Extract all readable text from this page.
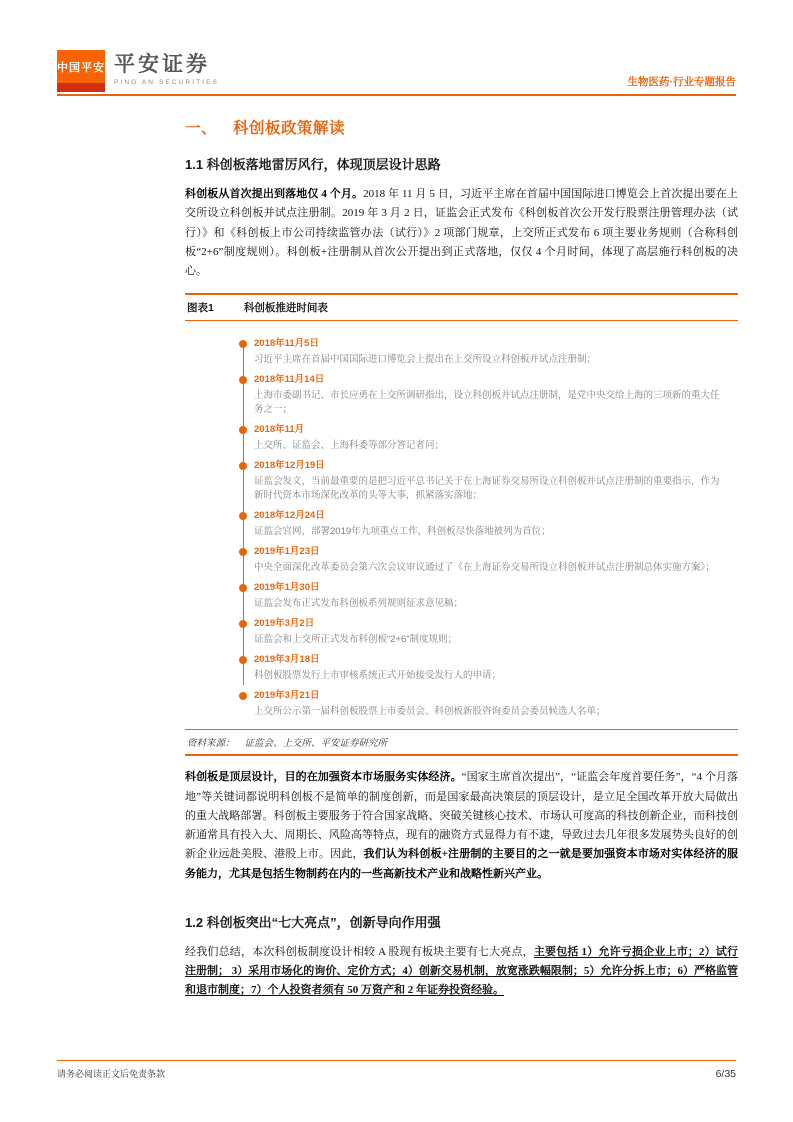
中国平安 平安证券
PING AN SECURITIES	生物医药·行业专题报告
一、 科创板政策解读
1.1 科创板落地雷厉风行，体现顶层设计思路

科创板从首次提出到落地仅 4 个月。2018 年 11 月 5 日，习近平主席在首届中国国际进口博览会上首次提出要在上交所设立科创板并试点注册制。2019 年 3 月 2 日，证监会正式发布《科创板首次公开发行股票注册管理办法（试行）》和《科创板上市公司持续监管办法（试行）》2 项部门规章，上交所正式发布 6 项主要业务规则（合称科创板“2+6”制度规则）。科创板+注册制从首次公开提出到正式落地，仅仅 4 个月时间，体现了高层施行科创板的决心。

图表1	科创板推进时间表
2018年11月5日
习近平主席在首届中国国际进口博览会上提出在上交所设立科创板并试点注册制；
2018年11月14日
上海市委副书记、市长应勇在上交所调研指出，设立科创板并试点注册制，是党中央交给上海的三项新的重大任务之一；
2018年11月
上交所、证监会、上海科委等部分答记者问；
2018年12月19日
证监会发文，当前最重要的是把习近平总书记关于在上海证券交易所设立科创板并试点注册制的重要指示，作为新时代资本市场深化改革的头等大事，抓紧落实落地；
2018年12月24日
证监会官网，部署2019年九项重点工作，科创板尽快落地被列为首位；
2019年1月23日
中央全面深化改革委员会第六次会议审议通过了《在上海证券交易所设立科创板并试点注册制总体实施方案》；
2019年1月30日
证监会发布正式发布科创板系列规则征求意见稿；
2019年3月2日
证监会和上交所正式发布科创板“2+6”制度规则；
2019年3月18日
科创板股票发行上市审核系统正式开始接受发行人的申请；
2019年3月21日
上交所公示第一届科创板股票上市委员会、科创板新股咨询委员会委员候选人名单；
资料来源： 证监会、上交所、平安证券研究所

科创板是顶层设计，目的在加强资本市场服务实体经济。“国家主席首次提出”，“证监会年度首要任务”，“4 个月落地”等关键词都说明科创板不是简单的制度创新，而是国家最高决策层的顶层设计，是立足全国改革开放大局做出的重大战略部署。科创板主要服务于符合国家战略、突破关键核心技术、市场认可度高的科技创新企业，而科技创新通常具有投入大、周期长、风险高等特点，现有的融资方式显得力有不逮，导致过去几年很多发展势头良好的创新企业远赴美股、港股上市。因此，我们认为科创板+注册制的主要目的之一就是要加强资本市场对实体经济的服务能力，尤其是包括生物制药在内的一些高新技术产业和战略性新兴产业。

1.2 科创板突出“七大亮点”，创新导向作用强

经我们总结，本次科创板制度设计相较 A 股现有板块主要有七大亮点，主要包括 1）允许亏损企业上市；2）试行注册制； 3）采用市场化的询价、定价方式；4）创新交易机制，放宽涨跌幅限制；5）允许分拆上市；6）严格监管和退市制度；7）个人投资者须有 50 万资产和 2 年证券投资经验。

请务必阅读正文后免责条款	6/35
